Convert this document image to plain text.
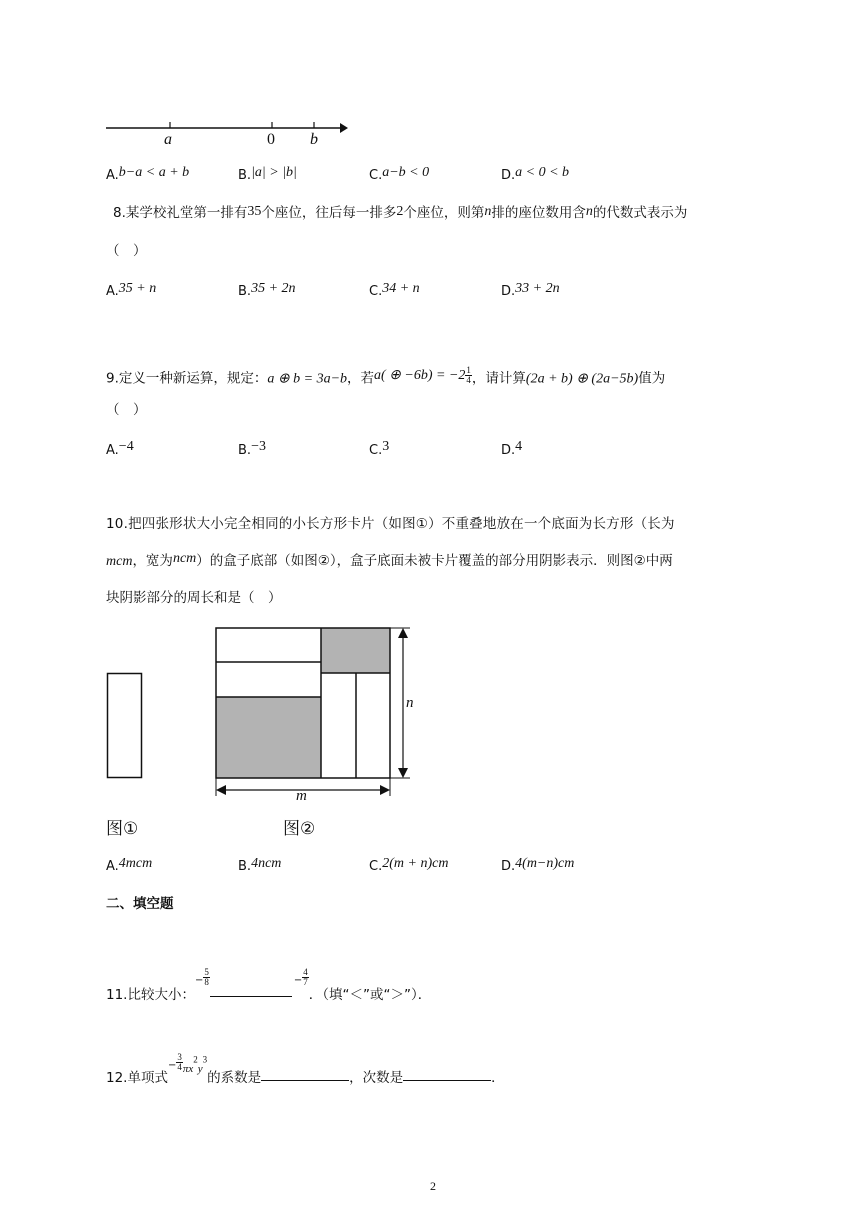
a	0 b
A.b−a < a + b	B.|a| > |b|	C.a−b < 0	D.a < 0 < b
8.某学校礼堂第一排有35个座位，往后每一排多2个座位，则第n排的座位数用含n的代数式表示为
（　）
A.35 + n	B.35 + 2n	C.34 + n	D.33 + 2n
9.定义一种新运算，规定：a ⊕ b = 3a−b，若a( ⊕ $-6b) = -2 \frac{1}{4}$ ，请计算(2a + b) ⊕ (2a−5b)值为
（　）
A.−4	B.−3	C.3	D.4
10.把四张形状大小完全相同的小长方形卡片（如图①）不重叠地放在一个底面为长方形（长为
mcm，宽为ncm）的盒子底部（如图②），盒子底面未被卡片覆盖的部分用阴影表示．则图②中两
块阴影部分的周长和是（　）
n
m
图①	图②
A.4mcm	B.4ncm	C.2(m + n)cm	D.4(m−n)cm
二、填空题
11.比较大小：− $\frac{5}{8}$	− $\frac{4}{7}$
．（填“＜”或“＞”）．
12.单项式− $\frac{3}{4} _{\pi x}^2_y^3$的系数是	，次数是	．
2
